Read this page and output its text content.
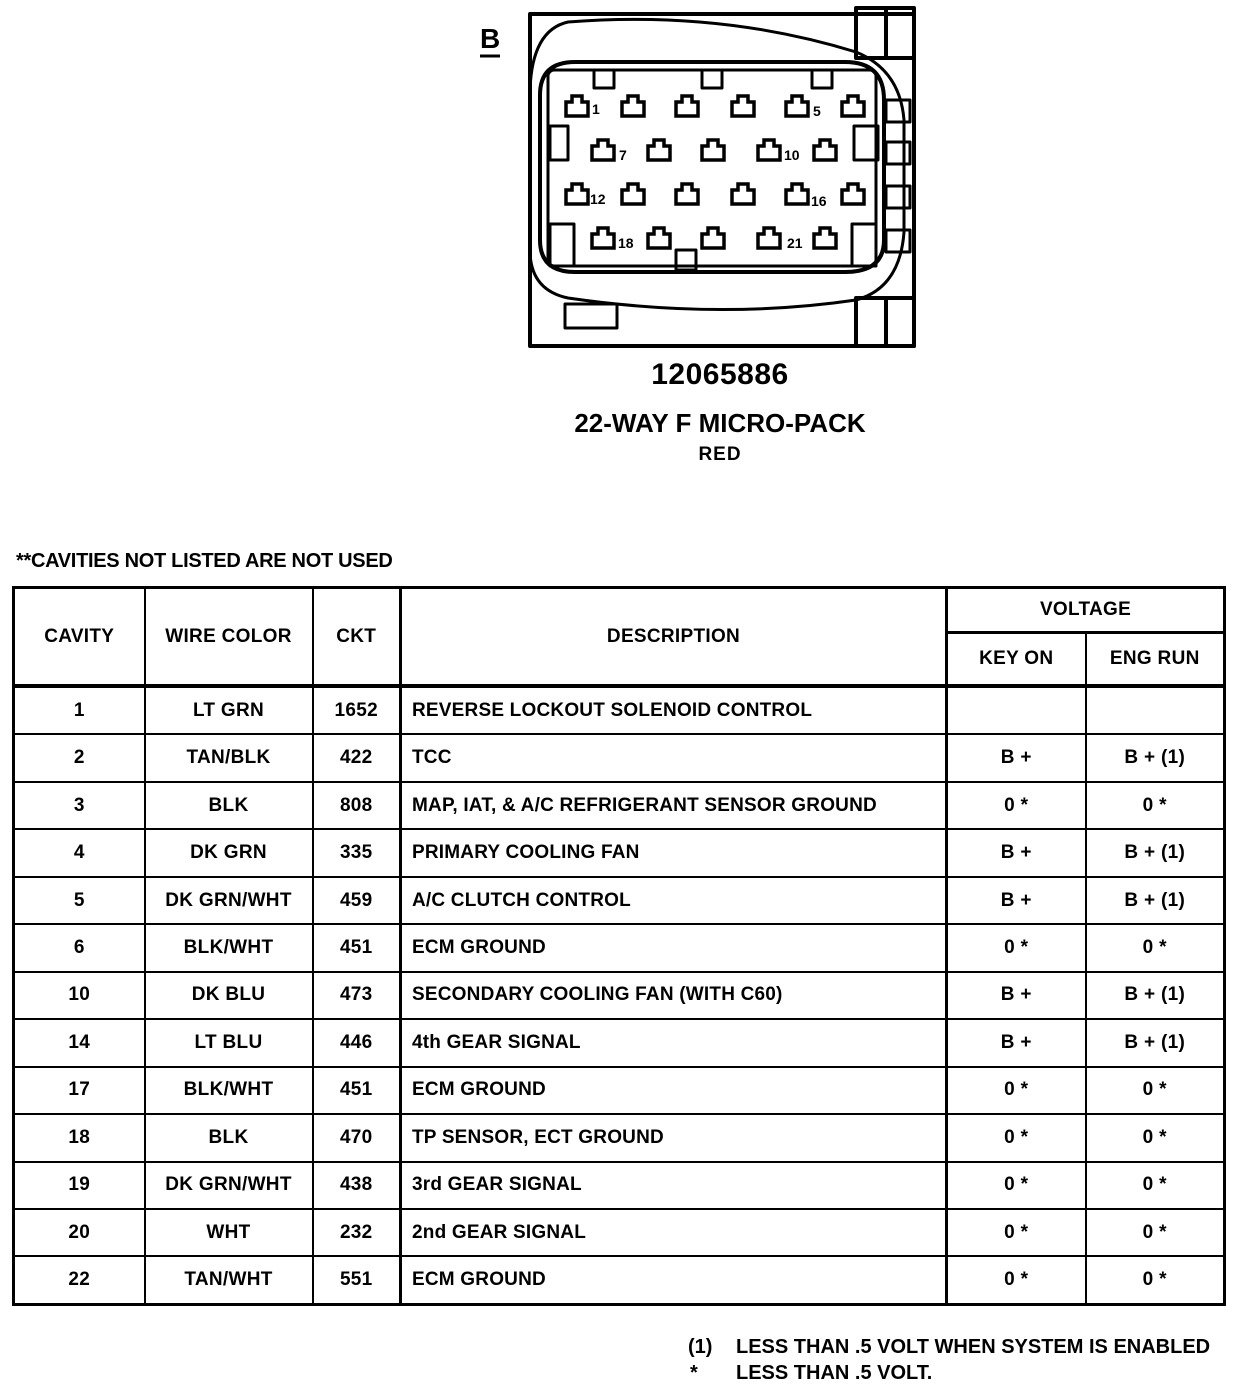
1	5
7	10
12	16
18	21
B
12065886
22-WAY F MICRO-PACK
RED
**CAVITIES NOT LISTED ARE NOT USED
CAVITY	WIRE COLOR	CKT	DESCRIPTION	VOLTAGE	
				KEY ON	ENG RUN
1	LT GRN	1652	REVERSE LOCKOUT SOLENOID CONTROL		
2	TAN/BLK	422	TCC	B +	B + (1)
3	BLK	808	MAP, IAT, & A/C REFRIGERANT SENSOR GROUND	0 *	0 *
4	DK GRN	335	PRIMARY COOLING FAN	B +	B + (1)
5	DK GRN/WHT	459	A/C CLUTCH CONTROL	B +	B + (1)
6	BLK/WHT	451	ECM GROUND	0 *	0 *
10	DK BLU	473	SECONDARY COOLING FAN (WITH C60)	B +	B + (1)
14	LT BLU	446	4th GEAR SIGNAL	B +	B + (1)
17	BLK/WHT	451	ECM GROUND	0 *	0 *
18	BLK	470	TP SENSOR, ECT GROUND	0 *	0 *
19	DK GRN/WHT	438	3rd GEAR SIGNAL	0 *	0 *
20	WHT	232	2nd GEAR SIGNAL	0 *	0 *
22	TAN/WHT	551	ECM GROUND	0 *	0 *
(1) LESS THAN .5 VOLT WHEN SYSTEM IS ENABLED
* LESS THAN .5 VOLT.
